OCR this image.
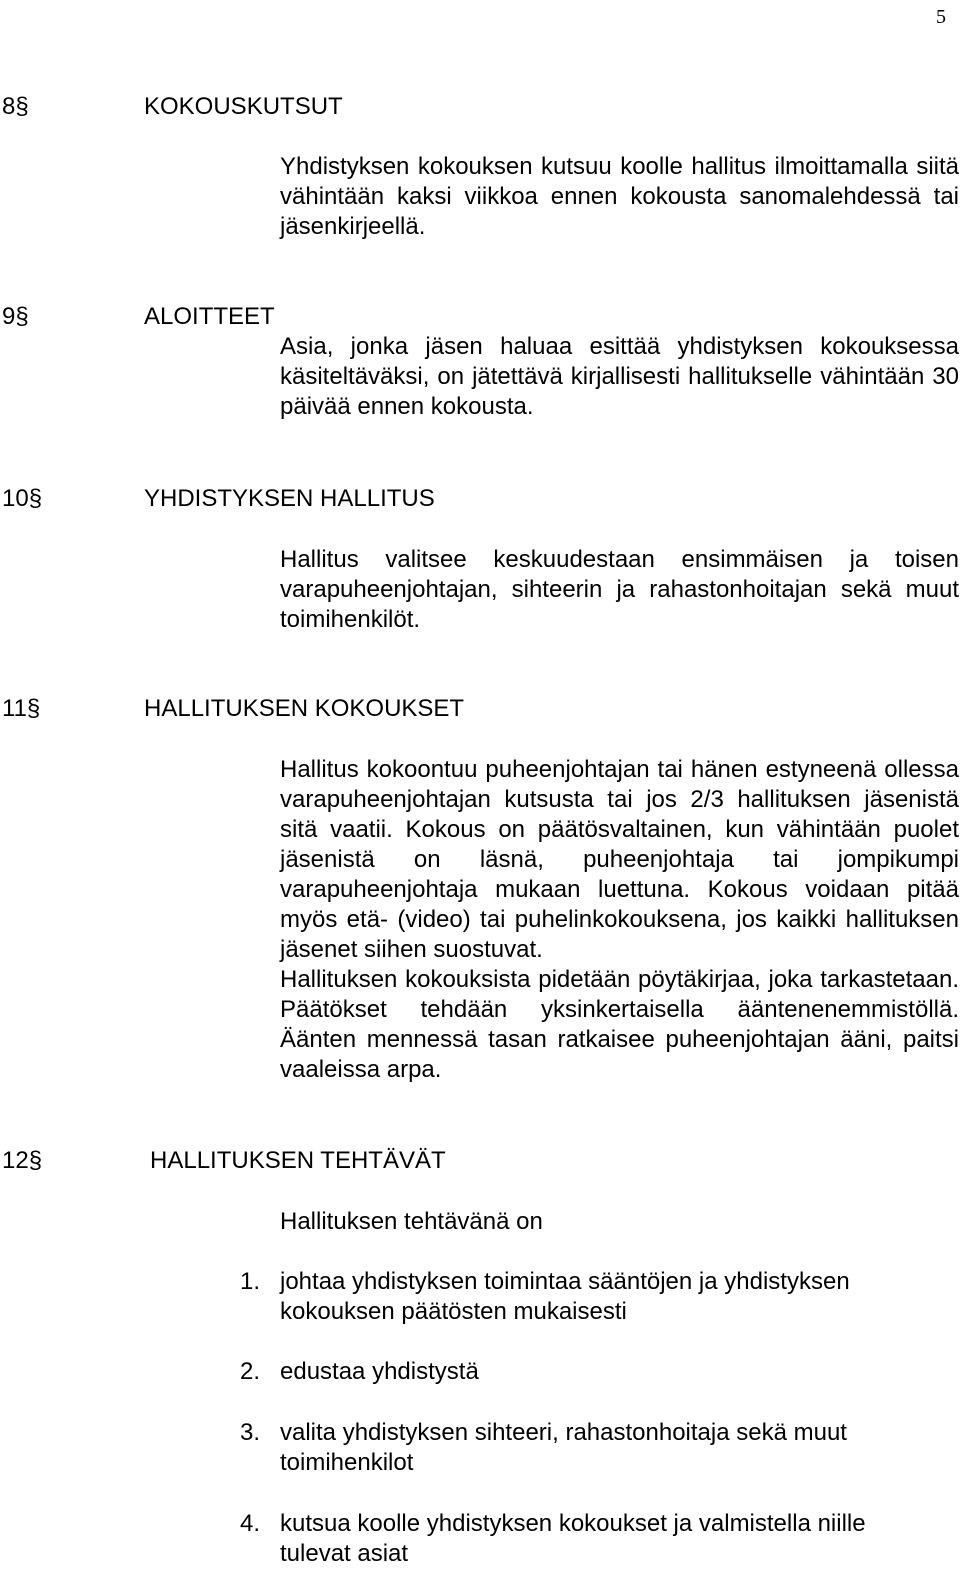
5
8§	KOKOUSKUTSUT

Yhdistyksen kokouksen kutsuu koolle hallitus ilmoittamalla siitä vähintään kaksi viikkoa ennen kokousta sanomalehdessä tai jäsenkirjeellä.

9§	ALOITTEET

Asia, jonka jäsen haluaa esittää yhdistyksen kokouksessa käsiteltäväksi, on jätettävä kirjallisesti hallitukselle vähintään 30 päivää ennen kokousta.

10§	YHDISTYKSEN HALLITUS

Hallitus valitsee keskuudestaan ensimmäisen ja toisen varapuheenjohtajan, sihteerin ja rahastonhoitajan sekä muut toimihenkilöt.

11§	HALLITUKSEN KOKOUKSET

Hallitus kokoontuu puheenjohtajan tai hänen estyneenä ollessa varapuheenjohtajan kutsusta tai jos 2/3 hallituksen jäsenistä sitä vaatii. Kokous on päätösvaltainen, kun vähintään puolet jäsenistä on läsnä, puheenjohtaja tai jompikumpi varapuheenjohtaja mukaan luettuna. Kokous voidaan pitää myös etä- (video) tai puhelinkokouksena, jos kaikki hallituksen jäsenet siihen suostuvat.

Hallituksen kokouksista pidetään pöytäkirjaa, joka tarkastetaan. Päätökset tehdään yksinkertaisella ääntenenemmistöllä. Äänten mennessä tasan ratkaisee puheenjohtajan ääni, paitsi vaaleissa arpa.

12§	HALLITUKSEN TEHTÄVÄT

Hallituksen tehtävänä on

1. johtaa yhdistyksen toimintaa sääntöjen ja yhdistyksen kokouksen päätösten mukaisesti
2. edustaa yhdistystä
3. valita yhdistyksen sihteeri, rahastonhoitaja sekä muut toimihenkilot
4. kutsua koolle yhdistyksen kokoukset ja valmistella niille tulevat asiat
